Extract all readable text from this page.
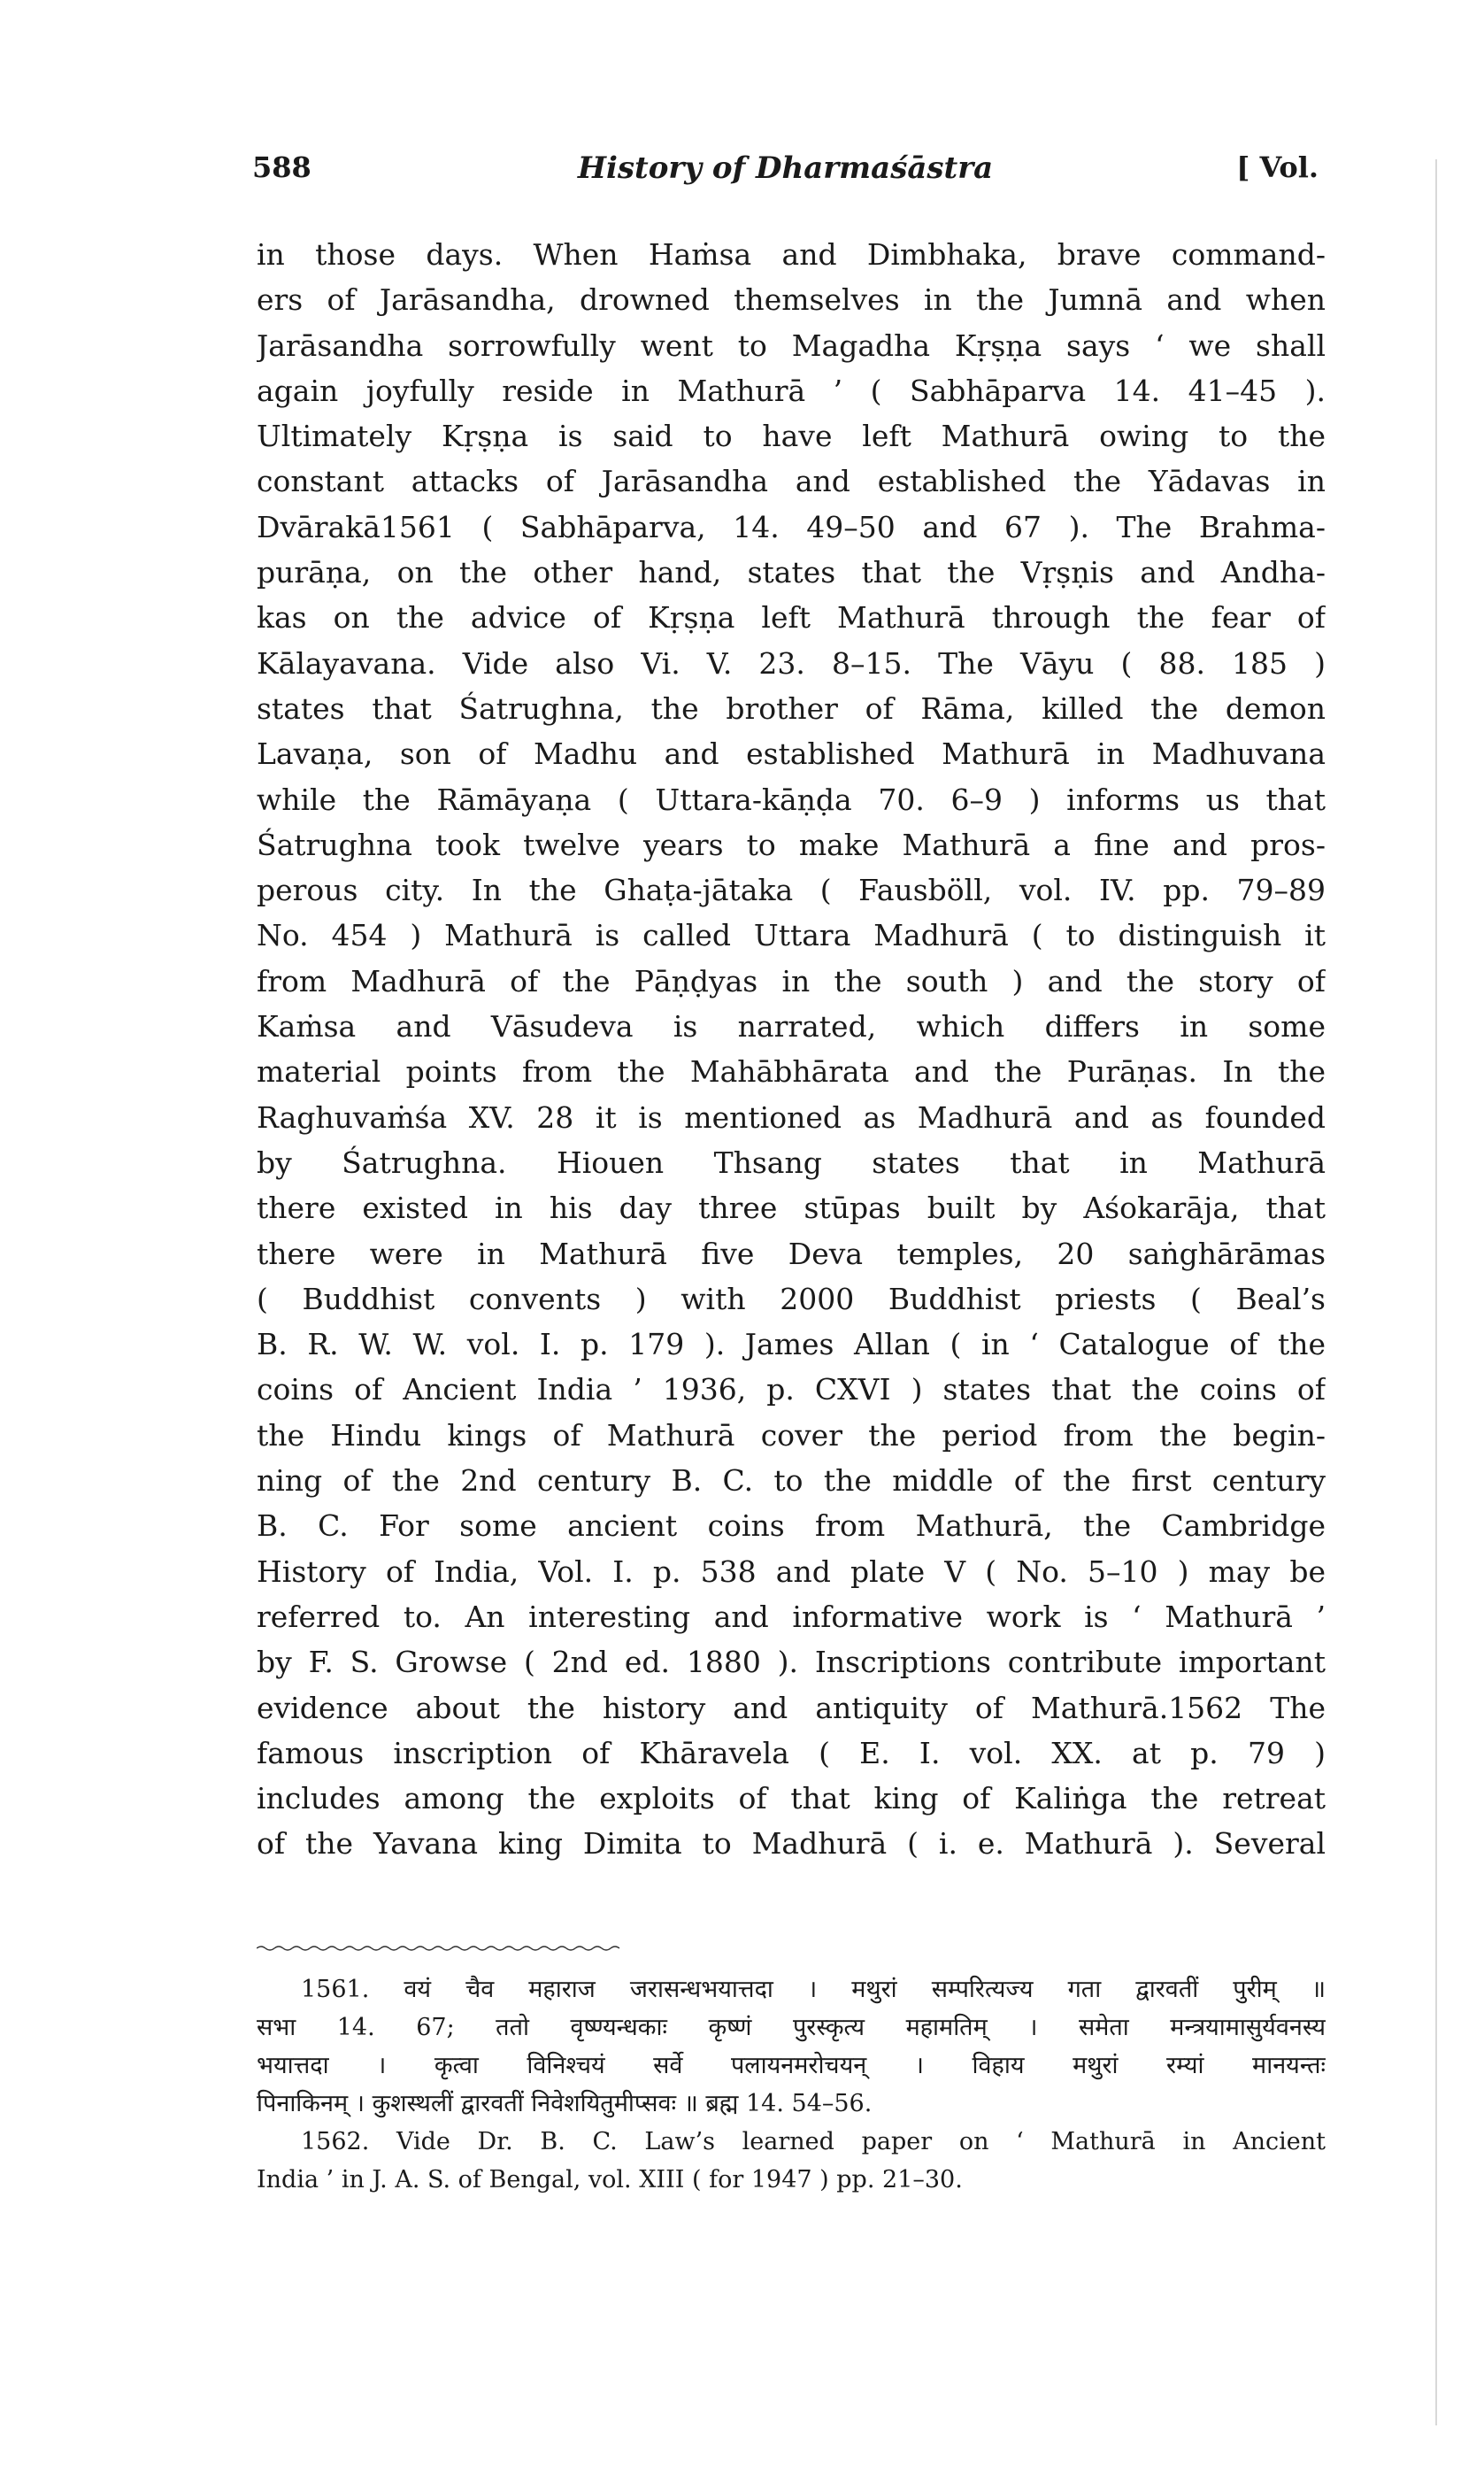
588	History of Dharmaśāstra	[ Vol.
in those days. When Haṁsa and Dimbhaka, brave command-
ers of Jarāsandha, drowned themselves in the Jumnā and when
Jarāsandha sorrowfully went to Magadha Kṛṣṇa says ‘ we shall
again joyfully reside in Mathurā ’ ( Sabhāparva 14. 41–45 ).
Ultimately Kṛṣṇa is said to have left Mathurā owing to the
constant attacks of Jarāsandha and established the Yādavas in
Dvārakā1561 ( Sabhāparva, 14. 49–50 and 67 ). The Brahma-
purāṇa, on the other hand, states that the Vṛṣṇis and Andha-
kas on the advice of Kṛṣṇa left Mathurā through the fear of
Kālayavana. Vide also Vi. V. 23. 8–15. The Vāyu ( 88. 185 )
states that Śatrughna, the brother of Rāma, killed the demon
Lavaṇa, son of Madhu and established Mathurā in Madhuvana
while the Rāmāyaṇa ( Uttara-kāṇḍa 70. 6–9 ) informs us that
Śatrughna took twelve years to make Mathurā a fine and pros-
perous city. In the Ghaṭa-jātaka ( Fausböll, vol. IV. pp. 79–89
No. 454 ) Mathurā is called Uttara Madhurā ( to distinguish it
from Madhurā of the Pāṇḍyas in the south ) and the story of
Kaṁsa and Vāsudeva is narrated, which differs in some
material points from the Mahābhārata and the Purāṇas. In the
Raghuvaṁśa XV. 28 it is mentioned as Madhurā and as founded
by Śatrughna. Hiouen Thsang states that in Mathurā
there existed in his day three stūpas built by Aśokarāja, that
there were in Mathurā five Deva temples, 20 saṅghārāmas
( Buddhist convents ) with 2000 Buddhist priests ( Beal’s
B. R. W. W. vol. I. p. 179 ). James Allan ( in ‘ Catalogue of the
coins of Ancient India ’ 1936, p. CXVI ) states that the coins of
the Hindu kings of Mathurā cover the period from the begin-
ning of the 2nd century B. C. to the middle of the first century
B. C. For some ancient coins from Mathurā, the Cambridge
History of India, Vol. I. p. 538 and plate V ( No. 5–10 ) may be
referred to. An interesting and informative work is ‘ Mathurā ’
by F. S. Growse ( 2nd ed. 1880 ). Inscriptions contribute important
evidence about the history and antiquity of Mathurā.1562 The
famous inscription of Khāravela ( E. I. vol. XX. at p. 79 )
includes among the exploits of that king of Kaliṅga the retreat
of the Yavana king Dimita to Madhurā ( i. e. Mathurā ). Several
1561. वयं चैव महाराज जरासन्धभयात्तदा । मथुरां सम्परित्यज्य गता द्वारवतीं पुरीम् ॥
सभा 14. 67; ततो वृष्ण्यन्धकाः कृष्णं पुरस्कृत्य महामतिम् । समेता मन्त्रयामासुर्यवनस्य
भयात्तदा । कृत्वा विनिश्चयं सर्वे पलायनमरोचयन् । विहाय मथुरां रम्यां मानयन्तः
पिनाकिनम् । कुशस्थलीं द्वारवतीं निवेशयितुमीप्सवः ॥ ब्रह्म 14. 54–56.
1562. Vide Dr. B. C. Law’s learned paper on ‘ Mathurā in Ancient
India ’ in J. A. S. of Bengal, vol. XIII ( for 1947 ) pp. 21–30.
